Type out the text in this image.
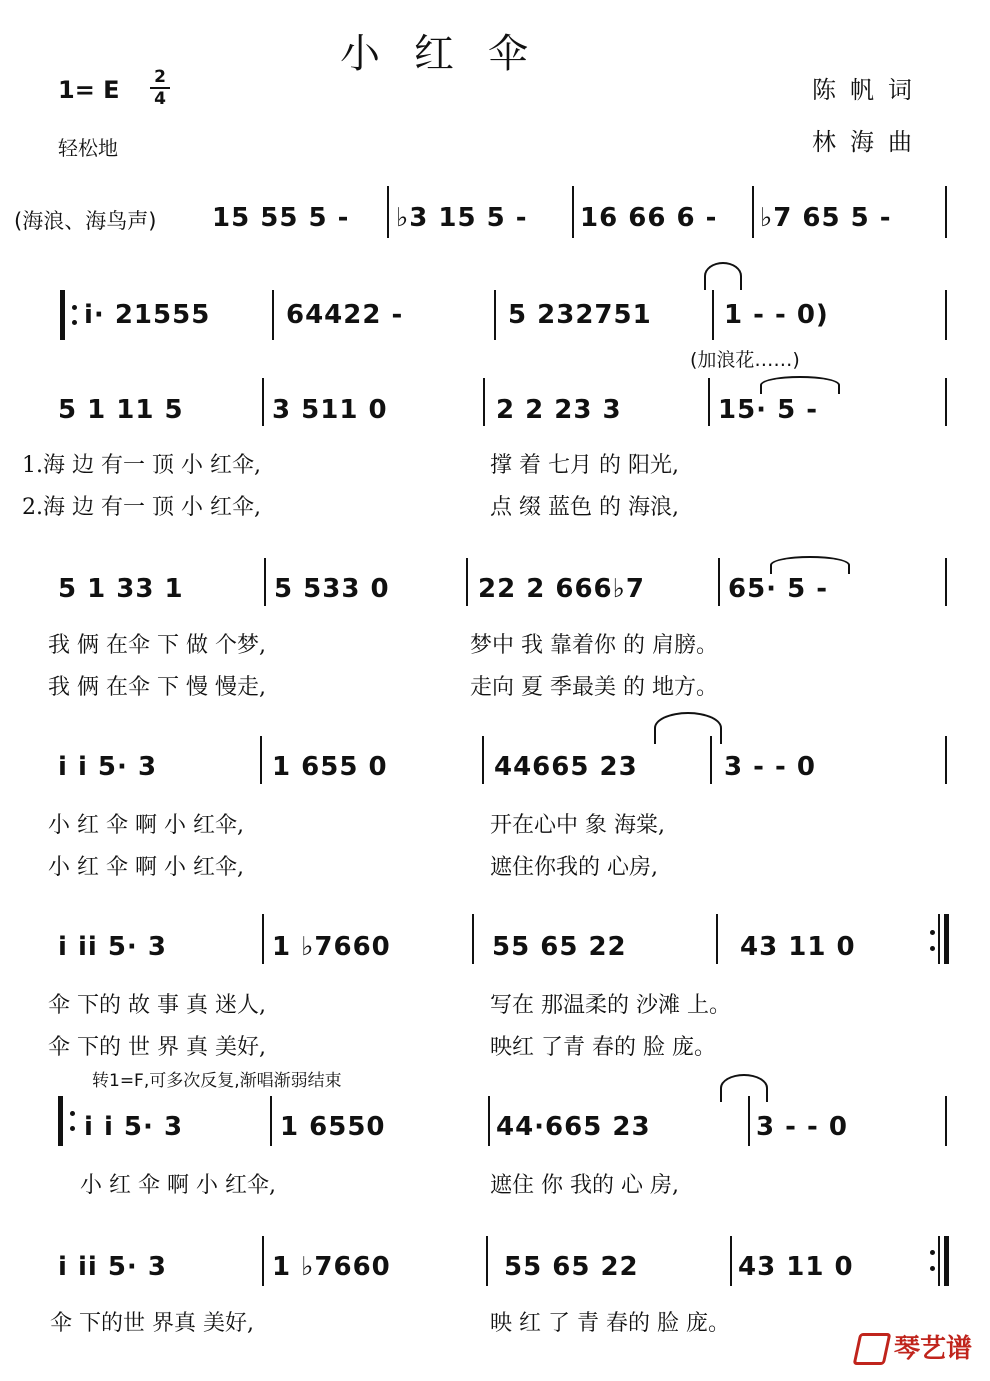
小红伞
1= E 2
4
轻松地
陈帆词
林海曲
(海浪、海鸟声) 15 55 5 - ♭3 15 5 - 16 66 6 - ♭7 65 5 -
i· 21555	64422 -	5 232751	1 - - 0)
(加浪花……)
5 1 11 5	3 511 0	2 2 23 3	15· 5 -
1.海 边 有一 顶 小 红伞,	撑 着 七月 的 阳光,
2.海 边 有一 顶 小 红伞,	点 缀 蓝色 的 海浪,
5 1 33 1	5 533 0	22 2 666♭7	65· 5 -
我 俩 在伞 下 做 个梦,	梦中 我 靠着你 的 肩膀。
我 俩 在伞 下 慢 慢走,	走向 夏 季最美 的 地方。
i i 5· 3	1 655 0	44665 23	3 - - 0
小 红 伞 啊 小 红伞,	开在心中 象 海棠,
小 红 伞 啊 小 红伞,	遮住你我的 心房,
i ii 5· 3	1 ♭7660	55 65 22	43 11 0
伞 下的 故 事 真 迷人,	写在 那温柔的 沙滩 上。
伞 下的 世 界 真 美好,	映红 了青 春的 脸 庞。
转1=F,可多次反复,渐唱渐弱结束
i i 5· 3	1 6550	44·665 23	3 - - 0
小 红 伞 啊 小 红伞,	遮住 你 我的 心 房,
i ii 5· 3	1 ♭7660	55 65 22	43 11 0
伞 下的世 界真 美好,	映 红 了 青 春的 脸 庞。
琴艺谱
